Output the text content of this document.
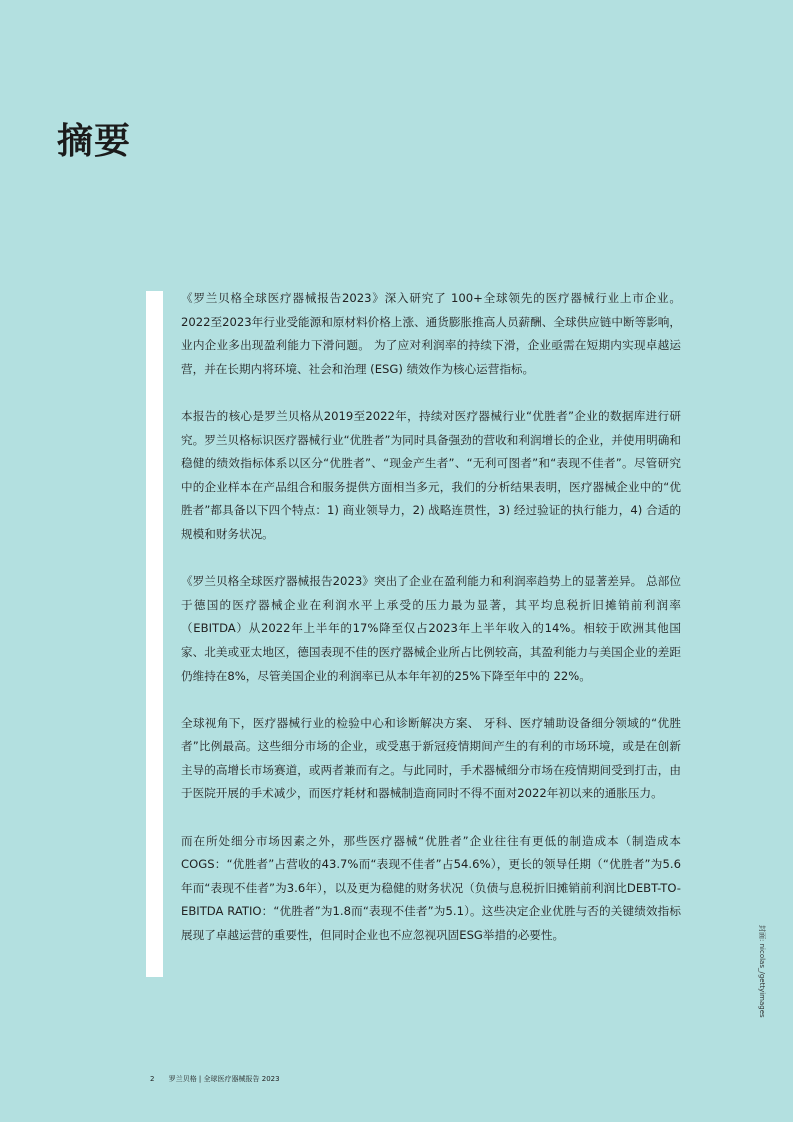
摘要

《罗兰贝格全球医疗器械报告2023》深入研究了 100+全球领先的医疗器械行业上市企业。2022至2023年行业受能源和原材料价格上涨、通货膨胀推高人员薪酬、全球供应链中断等影响，业内企业多出现盈利能力下滑问题。 为了应对利润率的持续下滑，企业亟需在短期内实现卓越运营，并在长期内将环境、社会和治理 (ESG) 绩效作为核心运营指标。

本报告的核心是罗兰贝格从2019至2022年，持续对医疗器械行业“优胜者”企业的数据库进行研究。罗兰贝格标识医疗器械行业“优胜者”为同时具备强劲的营收和利润增长的企业，并使用明确和稳健的绩效指标体系以区分“优胜者”、“现金产生者”、“无利可图者”和“表现不佳者”。尽管研究中的企业样本在产品组合和服务提供方面相当多元，我们的分析结果表明，医疗器械企业中的“优胜者”都具备以下四个特点：1) 商业领导力，2) 战略连贯性，3) 经过验证的执行能力，4) 合适的规模和财务状况。

《罗兰贝格全球医疗器械报告2023》突出了企业在盈利能力和利润率趋势上的显著差异。 总部位于德国的医疗器械企业在利润水平上承受的压力最为显著，其平均息税折旧摊销前利润率（EBITDA）从2022年上半年的17%降至仅占2023年上半年收入的14%。相较于欧洲其他国家、北美或亚太地区，德国表现不佳的医疗器械企业所占比例较高，其盈利能力与美国企业的差距仍维持在8%，尽管美国企业的利润率已从本年年初的25%下降至年中的 22%。

全球视角下，医疗器械行业的检验中心和诊断解决方案、 牙科、医疗辅助设备细分领域的“优胜者”比例最高。这些细分市场的企业，或受惠于新冠疫情期间产生的有利的市场环境，或是在创新主导的高增长市场赛道，或两者兼而有之。与此同时，手术器械细分市场在疫情期间受到打击，由于医院开展的手术减少，而医疗耗材和器械制造商同时不得不面对2022年初以来的通胀压力。

而在所处细分市场因素之外，那些医疗器械“优胜者”企业往往有更低的制造成本（制造成本COGS：“优胜者”占营收的43.7%而“表现不佳者”占54.6%），更长的领导任期（“优胜者”为5.6年而“表现不佳者”为3.6年），以及更为稳健的财务状况（负债与息税折旧摊销前利润比DEBT-TO-EBITDA RATIO：“优胜者”为1.8而“表现不佳者”为5.1）。这些决定企业优胜与否的关键绩效指标展现了卓越运营的重要性，但同时企业也不应忽视巩固ESG举措的必要性。	封面: nicolas_/gettyimages
2 罗兰贝格 | 全球医疗器械报告 2023
